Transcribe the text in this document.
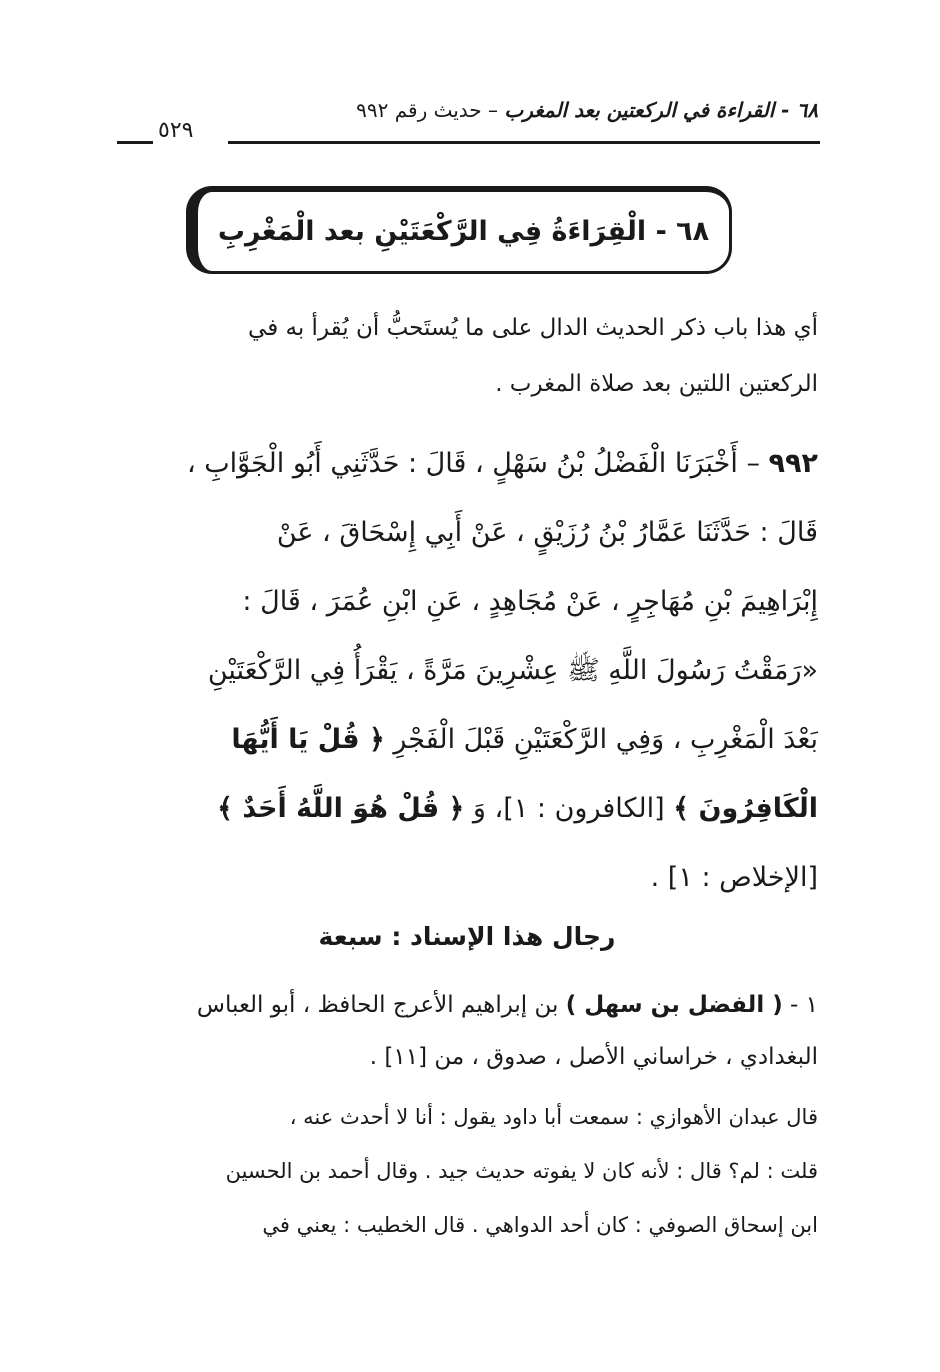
٦٨ - القراءة في الركعتين بعد المغرب – حديث رقم ٩٩٢
٥٢٩
٦٨ - الْقِرَاءَةُ فِي الرَّكْعَتَيْنِ بعد الْمَغْرِبِ
أي هذا باب ذكر الحديث الدال على ما يُستَحبُّ أن يُقرأ به في
الركعتين اللتين بعد صلاة المغرب .
٩٩٢ – أَخْبَرَنَا الْفَضْلُ بْنُ سَهْلٍ ، قَالَ : حَدَّثَنِي أَبُو الْجَوَّابِ ،
قَالَ : حَدَّثَنَا عَمَّارُ بْنُ رُزَيْقٍ ، عَنْ أَبِي إِسْحَاقَ ، عَنْ
إِبْرَاهِيمَ بْنِ مُهَاجِرٍ ، عَنْ مُجَاهِدٍ ، عَنِ ابْنِ عُمَرَ ، قَالَ :
«رَمَقْتُ رَسُولَ اللَّهِ ﷺ عِشْرِينَ مَرَّةً ، يَقْرَأُ فِي الرَّكْعَتَيْنِ
بَعْدَ الْمَغْرِبِ ، وَفِي الرَّكْعَتَيْنِ قَبْلَ الْفَجْرِ ﴿ قُلْ يَا أَيُّهَا
الْكَافِرُونَ ﴾ [الكافرون : ١]، وَ ﴿ قُلْ هُوَ اللَّهُ أَحَدٌ ﴾
[الإخلاص : ١] .
رجال هذا الإسناد : سبعة
١ - ( الفضل بن سهل ) بن إبراهيم الأعرج الحافظ ، أبو العباس
البغدادي ، خراساني الأصل ، صدوق ، من [١١] .
قال عبدان الأهوازي : سمعت أبا داود يقول : أنا لا أحدث عنه ،
قلت : لم؟ قال : لأنه كان لا يفوته حديث جيد . وقال أحمد بن الحسين
ابن إسحاق الصوفي : كان أحد الدواهي . قال الخطيب : يعني في
